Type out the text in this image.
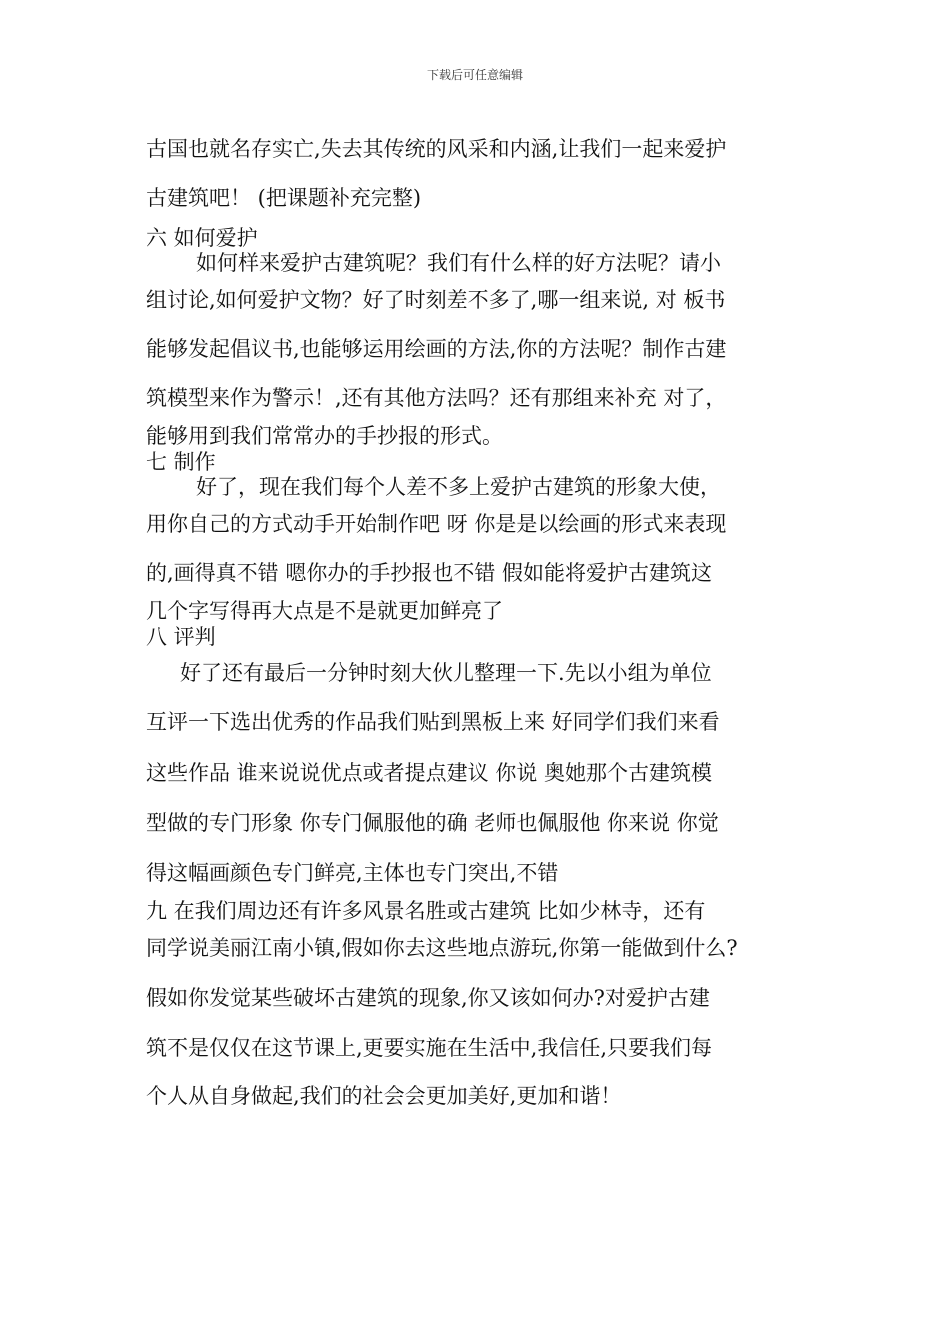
下载后可任意编辑
古国也就名存实亡,失去其传统的风采和内涵,让我们一起来爱护
古建筑吧！ (把课题补充完整)
六 如何爱护
如何样来爱护古建筑呢？我们有什么样的好方法呢？请小
组讨论,如何爱护文物？好了时刻差不多了,哪一组来说, 对 板书
能够发起倡议书,也能够运用绘画的方法,你的方法呢？制作古建
筑模型来作为警示！,还有其他方法吗？还有那组来补充 对了，
能够用到我们常常办的手抄报的形式。
七 制作
好了，现在我们每个人差不多上爱护古建筑的形象大使，
用你自己的方式动手开始制作吧 呀 你是是以绘画的形式来表现
的,画得真不错 嗯你办的手抄报也不错 假如能将爱护古建筑这
几个字写得再大点是不是就更加鲜亮了
八 评判
好了还有最后一分钟时刻大伙儿整理一下.先以小组为单位
互评一下选出优秀的作品我们贴到黑板上来 好同学们我们来看
这些作品 谁来说说优点或者提点建议 你说 奥她那个古建筑模
型做的专门形象 你专门佩服他的确 老师也佩服他 你来说 你觉
得这幅画颜色专门鲜亮,主体也专门突出,不错
九 在我们周边还有许多风景名胜或古建筑 比如少林寺，还有
同学说美丽江南小镇,假如你去这些地点游玩,你第一能做到什么?
假如你发觉某些破坏古建筑的现象,你又该如何办?对爱护古建
筑不是仅仅在这节课上,更要实施在生活中,我信任,只要我们每
个人从自身做起,我们的社会会更加美好,更加和谐！
